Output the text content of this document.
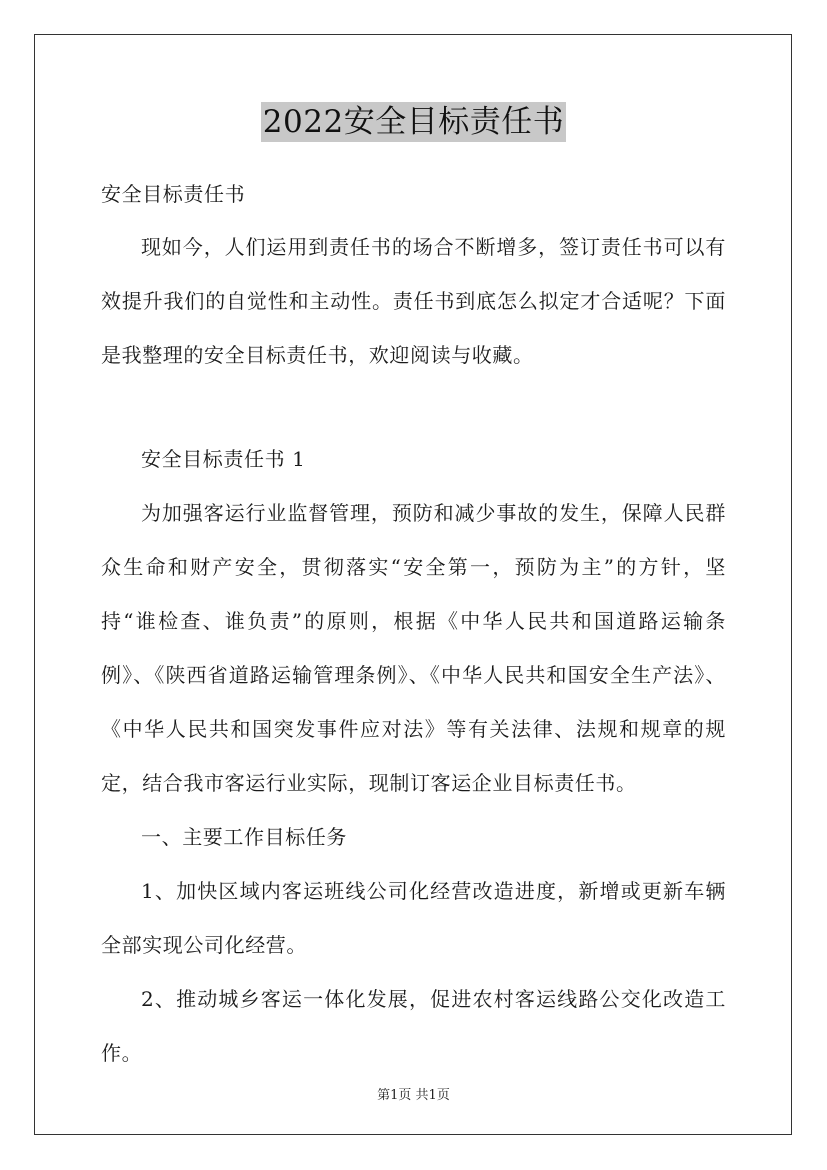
2022安全目标责任书

安全目标责任书

现如今，人们运用到责任书的场合不断增多，签订责任书可以有效提升我们的自觉性和主动性。责任书到底怎么拟定才合适呢？下面是我整理的安全目标责任书，欢迎阅读与收藏。

安全目标责任书 1

为加强客运行业监督管理，预防和减少事故的发生，保障人民群众生命和财产安全，贯彻落实“安全第一，预防为主”的方针，坚持“谁检查、谁负责”的原则，根据《中华人民共和国道路运输条例》、《陕西省道路运输管理条例》、《中华人民共和国安全生产法》、《中华人民共和国突发事件应对法》等有关法律、法规和规章的规定，结合我市客运行业实际，现制订客运企业目标责任书。

一、主要工作目标任务

1、加快区域内客运班线公司化经营改造进度，新增或更新车辆全部实现公司化经营。

2、推动城乡客运一体化发展，促进农村客运线路公交化改造工作。

第1页 共1页
